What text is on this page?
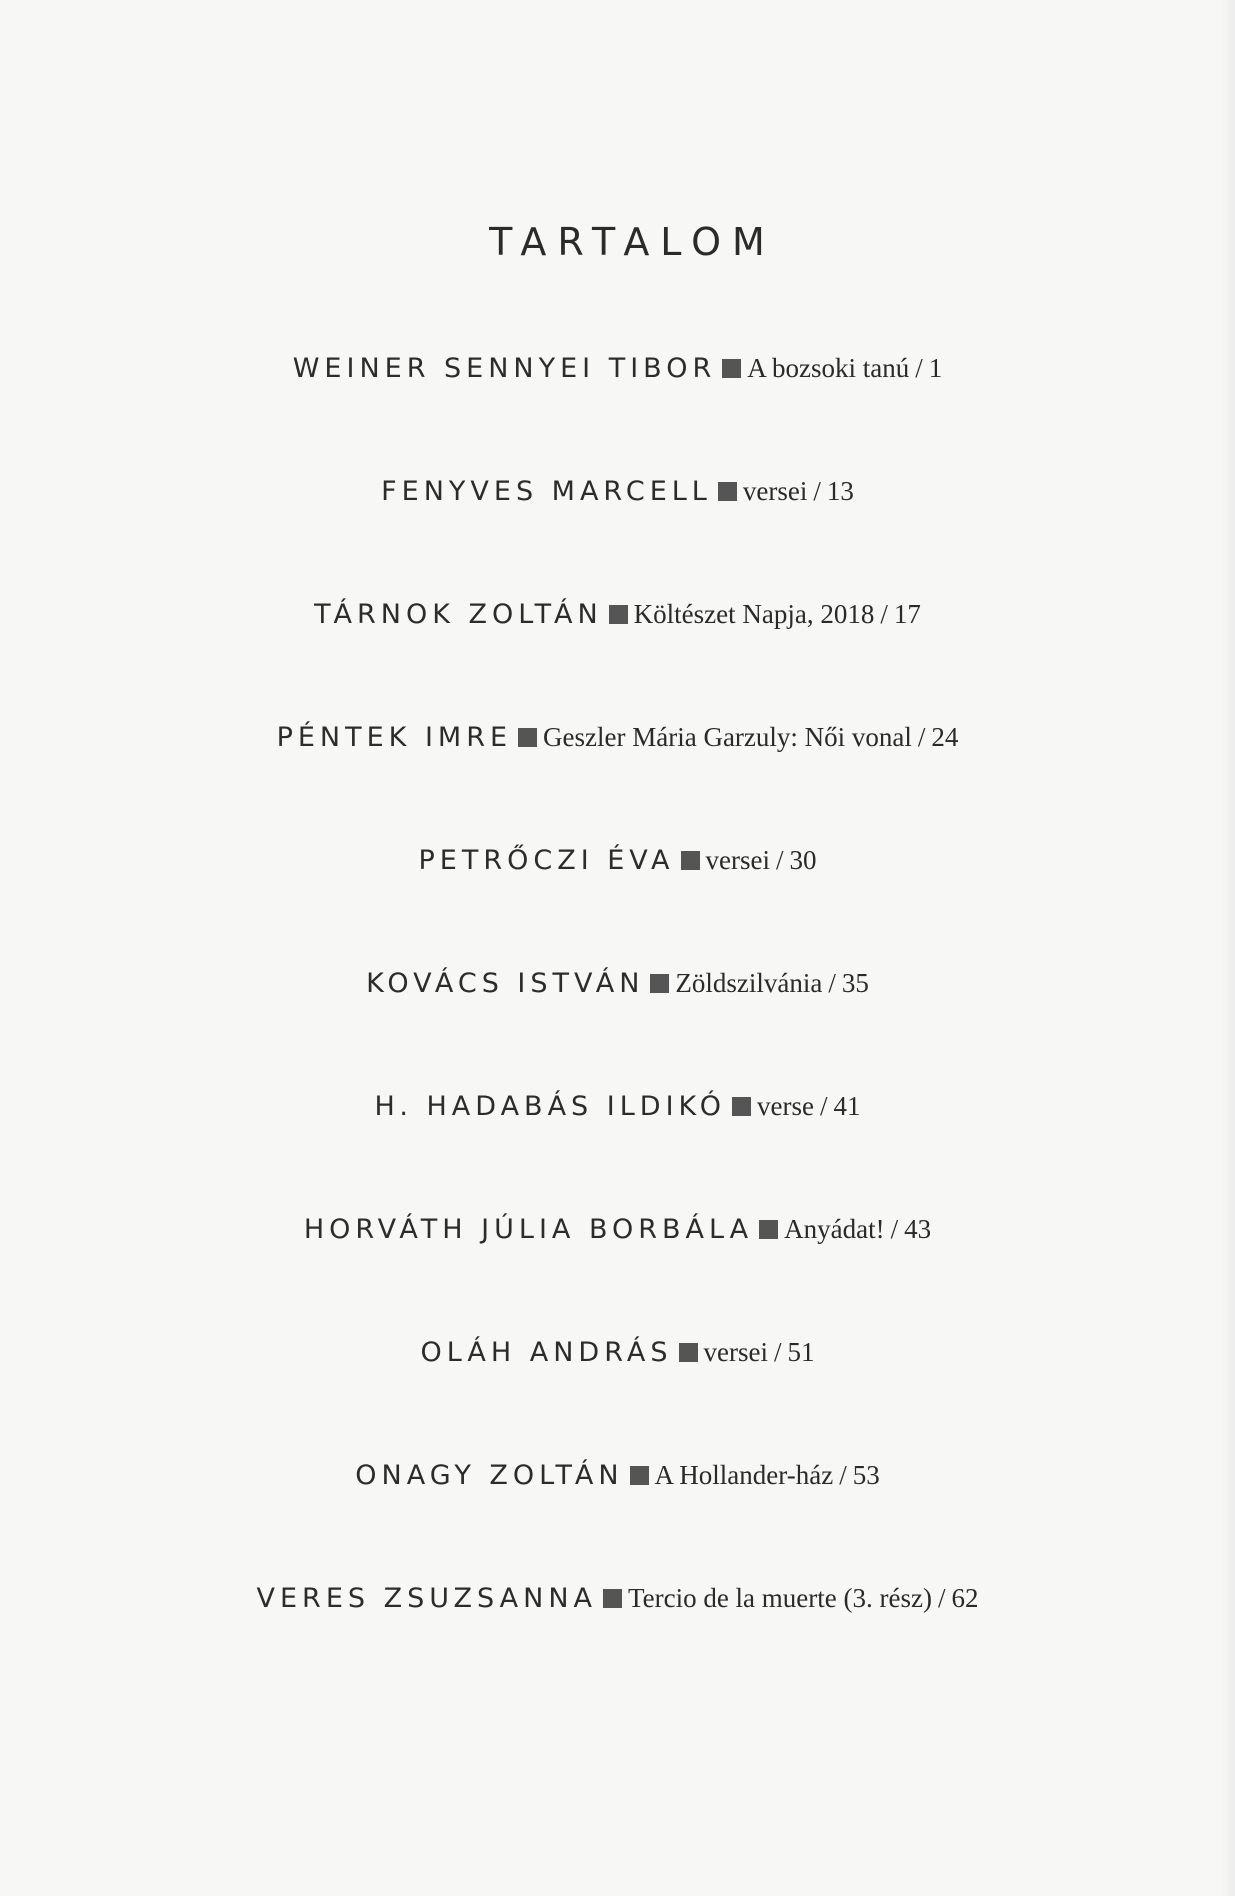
TARTALOM
WEINER SENNYEI TIBOR A bozsoki tanú / 1
FENYVES MARCELL versei / 13
TÁRNOK ZOLTÁN Költészet Napja, 2018 / 17
PÉNTEK IMRE Geszler Mária Garzuly: Női vonal / 24
PETRŐCZI ÉVA versei / 30
KOVÁCS ISTVÁN Zöldszilvánia / 35
H. HADABÁS ILDIKÓ verse / 41
HORVÁTH JÚLIA BORBÁLA Anyádat! / 43
OLÁH ANDRÁS versei / 51
ONAGY ZOLTÁN A Hollander-ház / 53
VERES ZSUZSANNA Tercio de la muerte (3. rész) / 62
